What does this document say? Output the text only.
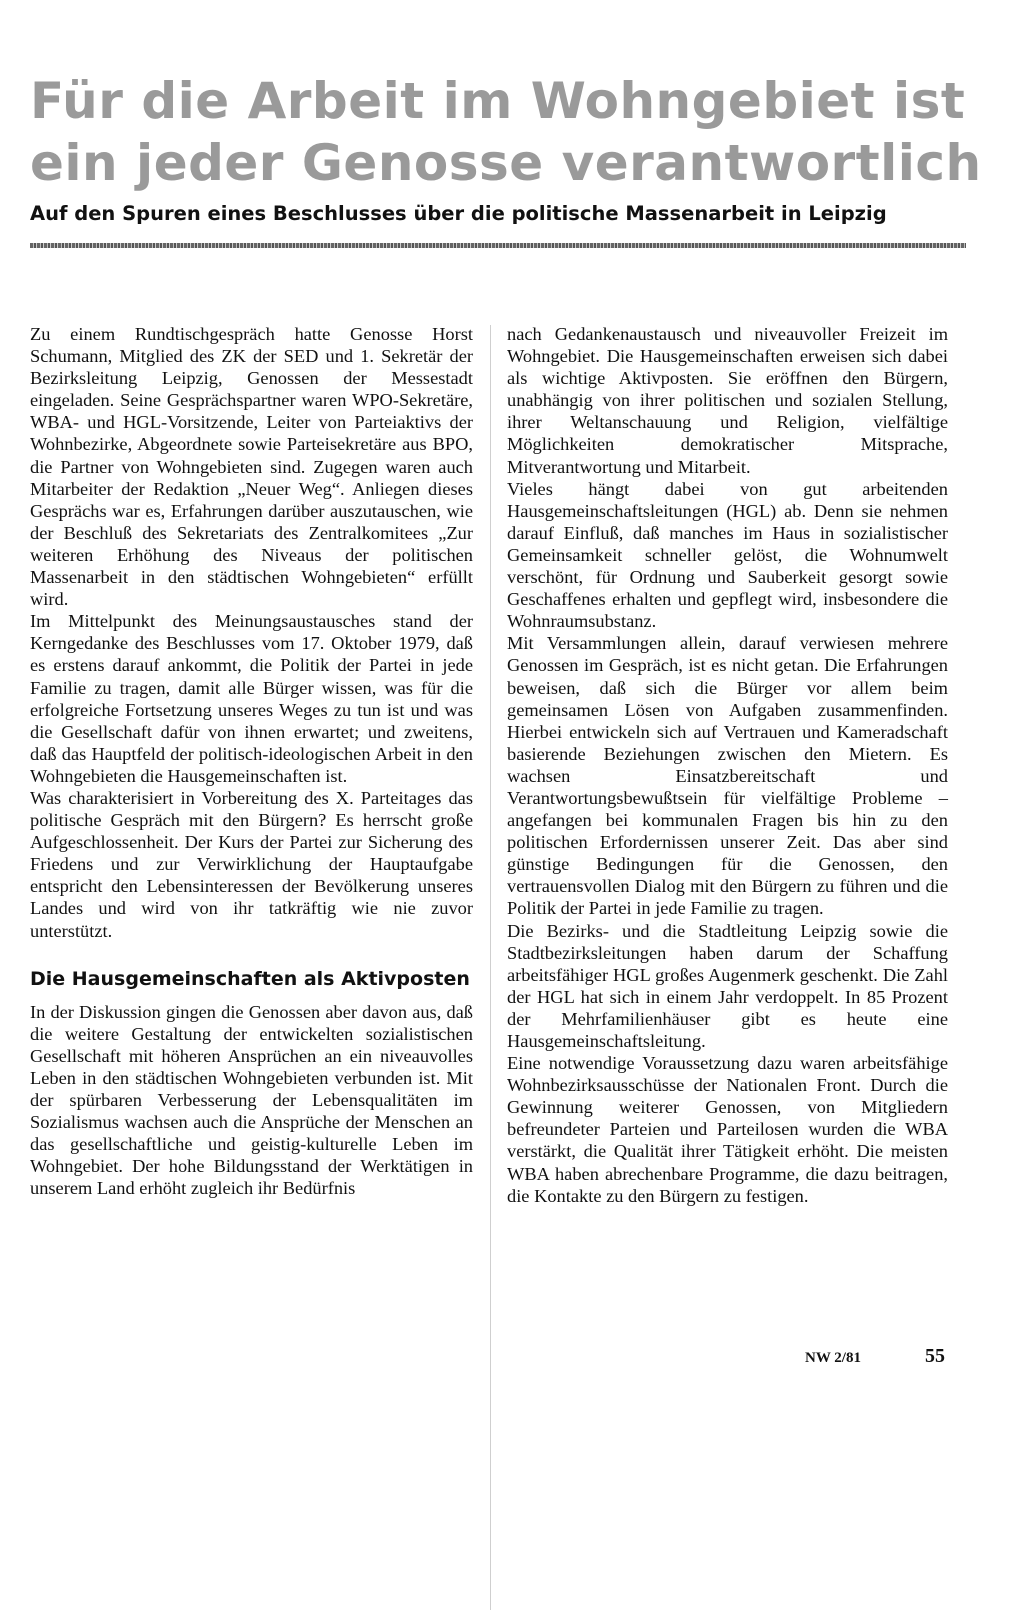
Für die Arbeit im Wohngebiet ist ein jeder Genosse verantwortlich
Auf den Spuren eines Beschlusses über die politische Massenarbeit in Leipzig

Zu einem Rundtischgespräch hatte Genosse Horst Schumann, Mitglied des ZK der SED und 1. Sekretär der Bezirksleitung Leipzig, Genossen der Messestadt eingeladen. Seine Gesprächspartner waren WPO-Sekretäre, WBA- und HGL-Vorsitzende, Leiter von Parteiaktivs der Wohnbezirke, Abgeordnete sowie Parteisekretäre aus BPO, die Partner von Wohngebieten sind. Zugegen waren auch Mitarbeiter der Redaktion „Neuer Weg“. Anliegen dieses Gesprächs war es, Erfahrungen darüber auszutauschen, wie der Beschluß des Sekretariats des Zentralkomitees „Zur weiteren Erhöhung des Niveaus der politischen Massenarbeit in den städtischen Wohngebieten“ erfüllt wird.

Im Mittelpunkt des Meinungsaustausches stand der Kerngedanke des Beschlusses vom 17. Oktober 1979, daß es erstens darauf ankommt, die Politik der Partei in jede Familie zu tragen, damit alle Bürger wissen, was für die erfolgreiche Fortsetzung unseres Weges zu tun ist und was die Gesellschaft dafür von ihnen erwartet; und zweitens, daß das Hauptfeld der politisch-ideologischen Arbeit in den Wohngebieten die Hausgemeinschaften ist.

Was charakterisiert in Vorbereitung des X. Parteitages das politische Gespräch mit den Bürgern? Es herrscht große Aufgeschlossenheit. Der Kurs der Partei zur Sicherung des Friedens und zur Verwirklichung der Hauptaufgabe entspricht den Lebensinteressen der Bevölkerung unseres Landes und wird von ihr tatkräftig wie nie zuvor unterstützt.

Die Hausgemeinschaften als Aktivposten

In der Diskussion gingen die Genossen aber davon aus, daß die weitere Gestaltung der entwickelten sozialistischen Gesellschaft mit höheren Ansprüchen an ein niveauvolles Leben in den städtischen Wohngebieten verbunden ist. Mit der spürbaren Verbesserung der Lebensqualitäten im Sozialismus wachsen auch die Ansprüche der Menschen an das gesellschaftliche und geistig-kulturelle Leben im Wohngebiet. Der hohe Bildungsstand der Werktätigen in unserem Land erhöht zugleich ihr Bedürfnis

nach Gedankenaustausch und niveauvoller Freizeit im Wohngebiet. Die Hausgemeinschaften erweisen sich dabei als wichtige Aktivposten. Sie eröffnen den Bürgern, unabhängig von ihrer politischen und sozialen Stellung, ihrer Weltanschauung und Religion, vielfältige Möglichkeiten demokratischer Mitsprache, Mitverantwortung und Mitarbeit.

Vieles hängt dabei von gut arbeitenden Hausgemeinschaftsleitungen (HGL) ab. Denn sie nehmen darauf Einfluß, daß manches im Haus in sozialistischer Gemeinsamkeit schneller gelöst, die Wohnumwelt verschönt, für Ordnung und Sauberkeit gesorgt sowie Geschaffenes erhalten und gepflegt wird, insbesondere die Wohnraumsubstanz.

Mit Versammlungen allein, darauf verwiesen mehrere Genossen im Gespräch, ist es nicht getan. Die Erfahrungen beweisen, daß sich die Bürger vor allem beim gemeinsamen Lösen von Aufgaben zusammenfinden. Hierbei entwickeln sich auf Vertrauen und Kameradschaft basierende Beziehungen zwischen den Mietern. Es wachsen Einsatzbereitschaft und Verantwortungsbewußtsein für vielfältige Probleme – angefangen bei kommunalen Fragen bis hin zu den politischen Erfordernissen unserer Zeit. Das aber sind günstige Bedingungen für die Genossen, den vertrauensvollen Dialog mit den Bürgern zu führen und die Politik der Partei in jede Familie zu tragen.

Die Bezirks- und die Stadtleitung Leipzig sowie die Stadtbezirksleitungen haben darum der Schaffung arbeitsfähiger HGL großes Augenmerk geschenkt. Die Zahl der HGL hat sich in einem Jahr verdoppelt. In 85 Prozent der Mehrfamilienhäuser gibt es heute eine Hausgemeinschaftsleitung.

Eine notwendige Voraussetzung dazu waren arbeitsfähige Wohnbezirksausschüsse der Nationalen Front. Durch die Gewinnung weiterer Genossen, von Mitgliedern befreundeter Parteien und Parteilosen wurden die WBA verstärkt, die Qualität ihrer Tätigkeit erhöht. Die meisten WBA haben abrechenbare Programme, die dazu beitragen, die Kontakte zu den Bürgern zu festigen.

NW 2/81	55
